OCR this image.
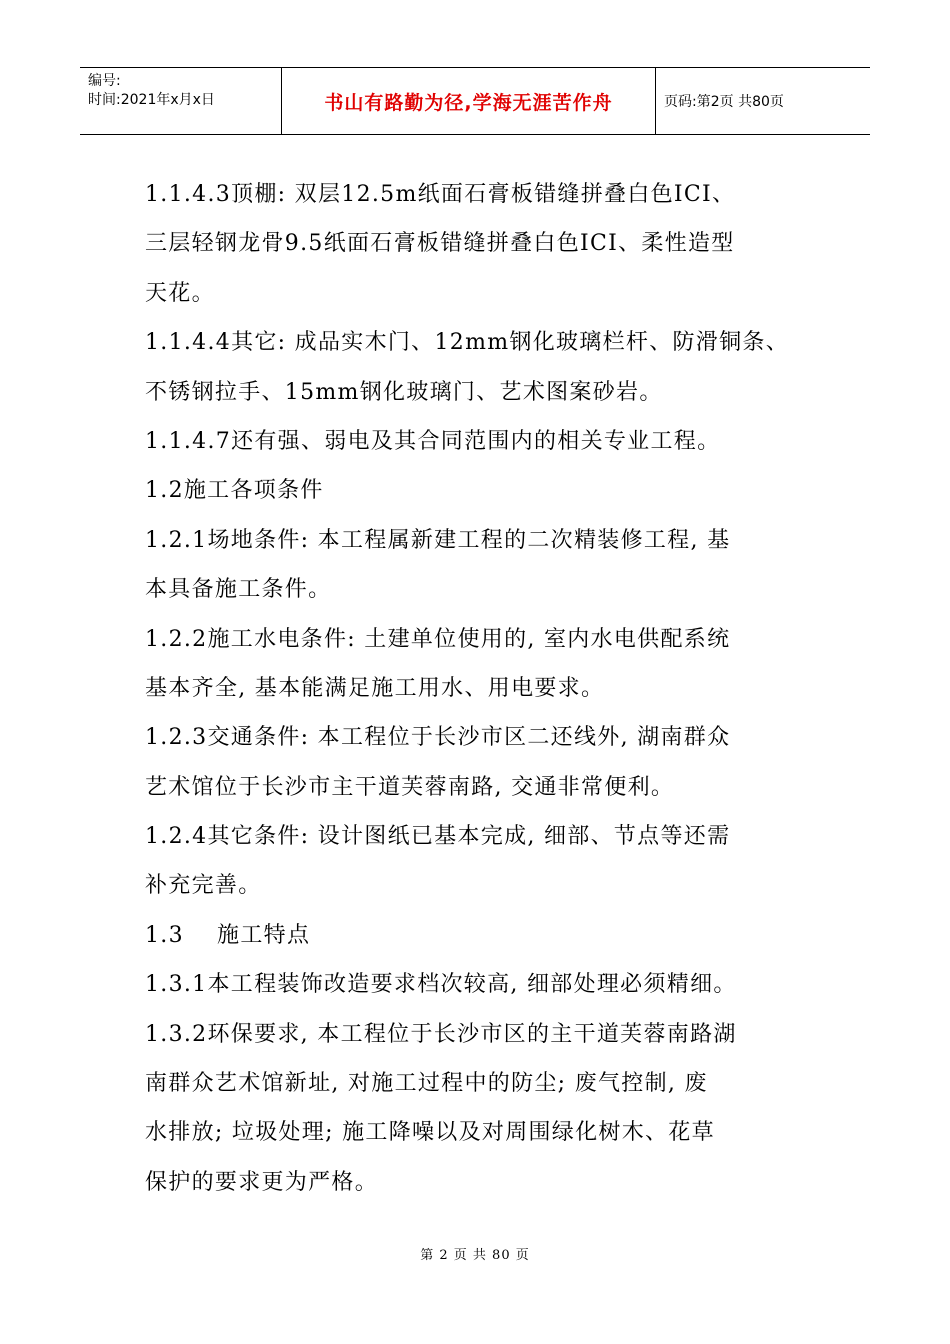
编号:
时间:2021年x月x日	书山有路勤为径,学海无涯苦作舟	页码:第2页 共80页
1.1.4.3顶棚: 双层12.5m纸面石膏板错缝拼叠白色ICI、
三层轻钢龙骨9.5纸面石膏板错缝拼叠白色ICI、柔性造型
天花。
1.1.4.4其它: 成品实木门、12mm钢化玻璃栏杆、防滑铜条、
不锈钢拉手、15mm钢化玻璃门、艺术图案砂岩。
1.1.4.7还有强、弱电及其合同范围内的相关专业工程。
1.2施工各项条件
1.2.1场地条件: 本工程属新建工程的二次精装修工程, 基
本具备施工条件。
1.2.2施工水电条件: 土建单位使用的, 室内水电供配系统
基本齐全, 基本能满足施工用水、用电要求。
1.2.3交通条件: 本工程位于长沙市区二还线外, 湖南群众
艺术馆位于长沙市主干道芙蓉南路, 交通非常便利。
1.2.4其它条件: 设计图纸已基本完成, 细部、节点等还需
补充完善。
1.3    施工特点
1.3.1本工程装饰改造要求档次较高, 细部处理必须精细。
1.3.2环保要求, 本工程位于长沙市区的主干道芙蓉南路湖
南群众艺术馆新址, 对施工过程中的防尘; 废气控制, 废
水排放; 垃圾处理; 施工降噪以及对周围绿化树木、花草
保护的要求更为严格。
第 2 页 共 80 页
